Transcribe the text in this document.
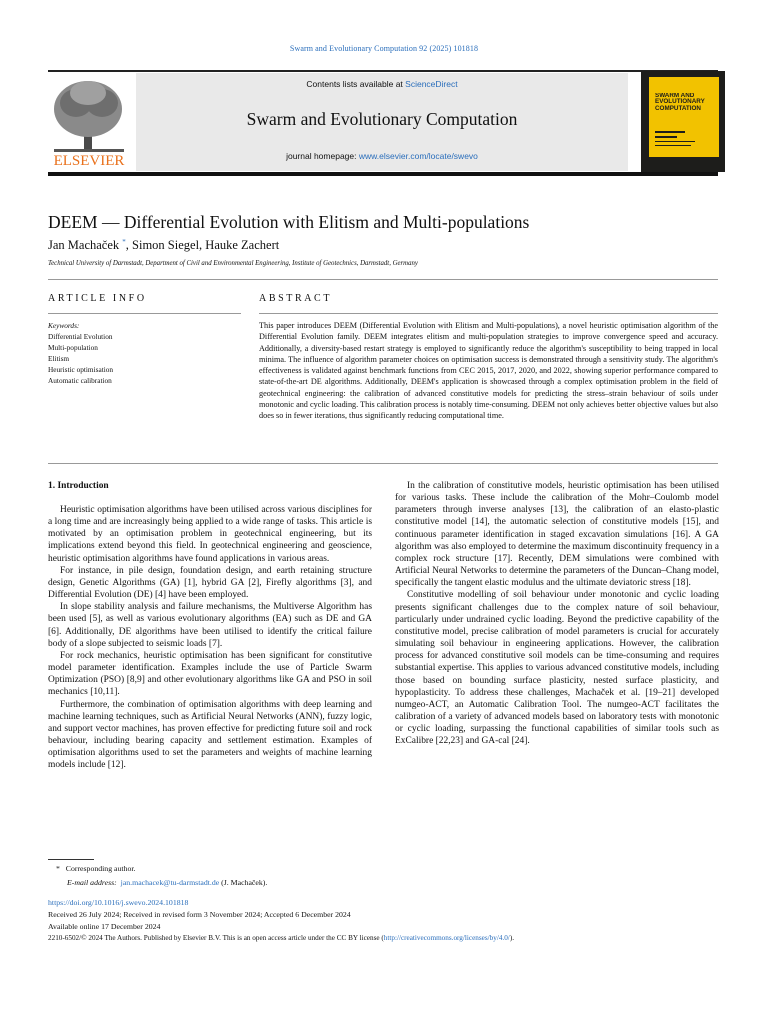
Swarm and Evolutionary Computation 92 (2025) 101818
ELSEVIER
Contents lists available at ScienceDirect
Swarm and Evolutionary Computation
journal homepage: www.elsevier.com/locate/swevo
SWARM AND EVOLUTIONARY COMPUTATION
DEEM — Differential Evolution with Elitism and Multi-populations
Jan Machaček *, Simon Siegel, Hauke Zachert
Technical University of Darmstadt, Department of Civil and Environmental Engineering, Institute of Geotechnics, Darmstadt, Germany
ARTICLE INFO	ABSTRACT
Keywords:
Differential Evolution
Multi-population
Elitism
Heuristic optimisation
Automatic calibration
This paper introduces DEEM (Differential Evolution with Elitism and Multi-populations), a novel heuristic optimisation algorithm of the Differential Evolution family. DEEM integrates elitism and multi-population strategies to improve convergence speed and accuracy. Additionally, a diversity-based restart strategy is employed to significantly reduce the algorithm's susceptibility to being trapped in local minima. The influence of algorithm parameter choices on optimisation success is demonstrated through a sensitivity study. The algorithm's effectiveness is validated against benchmark functions from CEC 2015, 2017, 2020, and 2022, showing superior performance compared to state-of-the-art DE algorithms. Additionally, DEEM's application is showcased through a complex optimisation problem in the field of geotechnical engineering: the calibration of advanced constitutive models for predicting the stress–strain behaviour of soils under monotonic and cyclic loading. This calibration process is notably time-consuming. DEEM not only achieves better objective values but also does so in fewer iterations, thus significantly reducing computational time.
1. Introduction

Heuristic optimisation algorithms have been utilised across various disciplines for a long time and are increasingly being applied to a wide range of tasks. This article is motivated by an optimisation problem in geotechnical engineering, but its implications extend beyond this field. In geotechnical engineering and geoscience, heuristic optimisation algorithms have found applications in various areas.

For instance, in pile design, foundation design, and earth retaining structure design, Genetic Algorithms (GA) [1], hybrid GA [2], Firefly algorithms [3], and Differential Evolution (DE) [4] have been employed.

In slope stability analysis and failure mechanisms, the Multiverse Algorithm has been used [5], as well as various evolutionary algorithms (EA) such as DE and GA [6]. Additionally, DE algorithms have been utilised to identify the critical failure body of a slope subjected to seismic loads [7].

For rock mechanics, heuristic optimisation has been significant for constitutive model parameter identification. Examples include the use of Particle Swarm Optimization (PSO) [8,9] and other evolutionary algorithms like GA and PSO in soil mechanics [10,11].

Furthermore, the combination of optimisation algorithms with deep learning and machine learning techniques, such as Artificial Neural Networks (ANN), fuzzy logic, and support vector machines, has proven effective for predicting future soil and rock behaviour, including bearing capacity and settlement estimation. Examples of optimisation algorithms used to set the parameters and weights of machine learning models include [12].

In the calibration of constitutive models, heuristic optimisation has been utilised for various tasks. These include the calibration of the Mohr–Coulomb model parameters through inverse analyses [13], the calibration of an elasto-plastic constitutive model [14], the automatic selection of constitutive models [15], and continuous parameter identification in staged excavation simulations [16]. A GA algorithm was also employed to determine the maximum discontinuity frequency in a complex rock structure [17]. Recently, DEM simulations were combined with Artificial Neural Networks to determine the parameters of the Duncan–Chang model, specifically the tangent elastic modulus and the ultimate deviatoric stress [18].

Constitutive modelling of soil behaviour under monotonic and cyclic loading presents significant challenges due to the complex nature of soil behaviour, particularly under undrained cyclic loading. Beyond the predictive capability of the constitutive model, precise calibration of model parameters is crucial for accurately simulating soil behaviour in engineering applications. However, the calibration process for advanced constitutive soil models can be time-consuming and requires substantial expertise. This applies to various advanced constitutive models, including those based on bounding surface plasticity, nested surface plasticity, and hypoplasticity. To address these challenges, Machaček et al. [19–21] developed numgeo-ACT, an Automatic Calibration Tool. The numgeo-ACT facilitates the calibration of a variety of advanced models based on laboratory tests with monotonic or cyclic loading, surpassing the functional capabilities of similar tools such as ExCalibre [22,23] and GA-cal [24].

* Corresponding author.
E-mail address: jan.machacek@tu-darmstadt.de (J. Machaček).
https://doi.org/10.1016/j.swevo.2024.101818
Received 26 July 2024; Received in revised form 3 November 2024; Accepted 6 December 2024
Available online 17 December 2024
2210-6502/© 2024 The Authors. Published by Elsevier B.V. This is an open access article under the CC BY license (http://creativecommons.org/licenses/by/4.0/).
